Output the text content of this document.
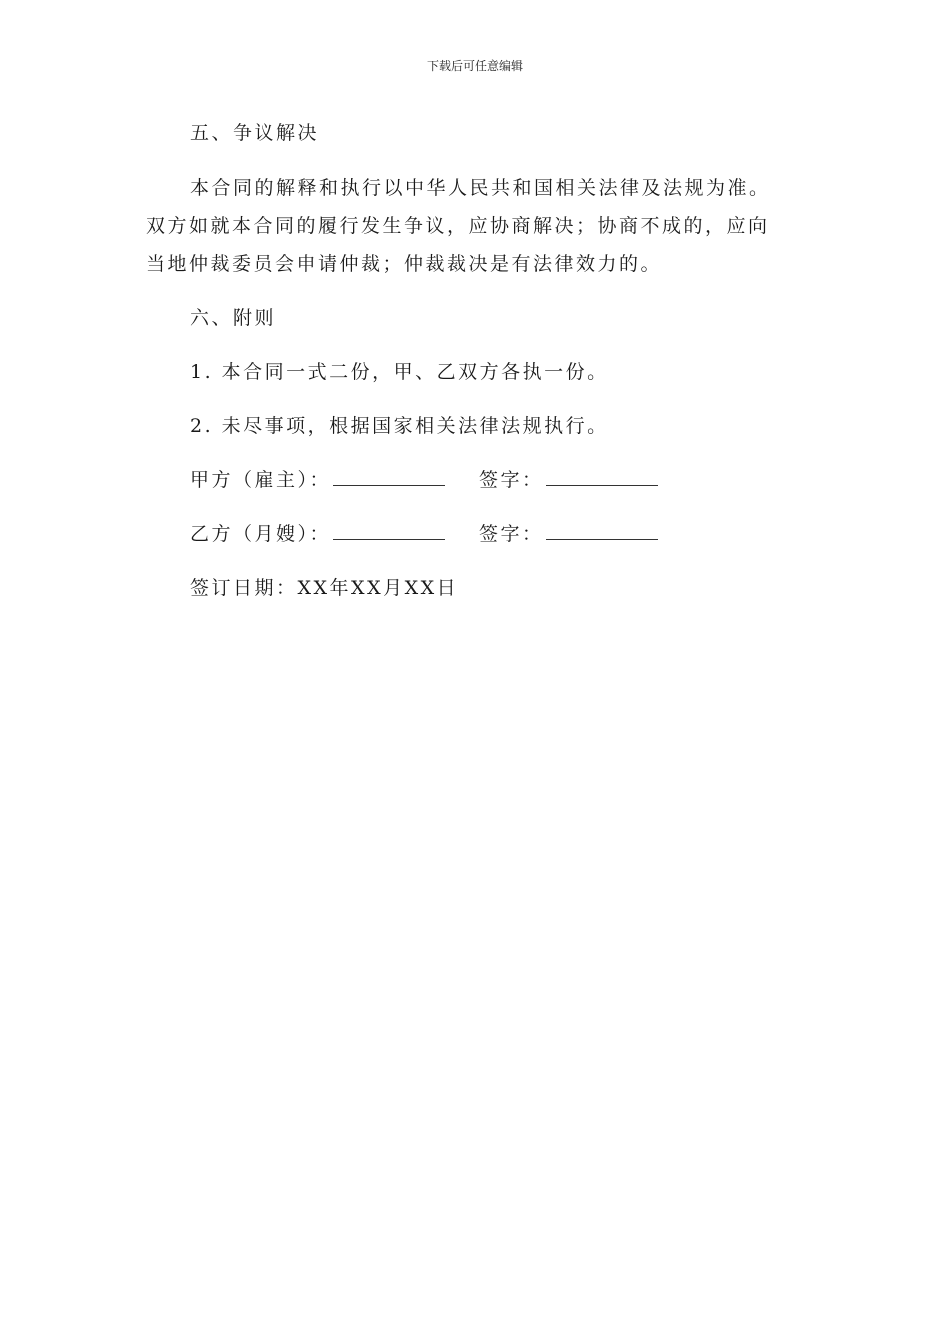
下载后可任意编辑
五、争议解决
本合同的解释和执行以中华人民共和国相关法律及法规为准。
双方如就本合同的履行发生争议，应协商解决；协商不成的，应向
当地仲裁委员会申请仲裁；仲裁裁决是有法律效力的。
六、附则
1. 本合同一式二份，甲、乙双方各执一份。
2. 未尽事项，根据国家相关法律法规执行。
甲方（雇主）：	签字：
乙方（月嫂）：	签字：
签订日期：XX年XX月XX日
